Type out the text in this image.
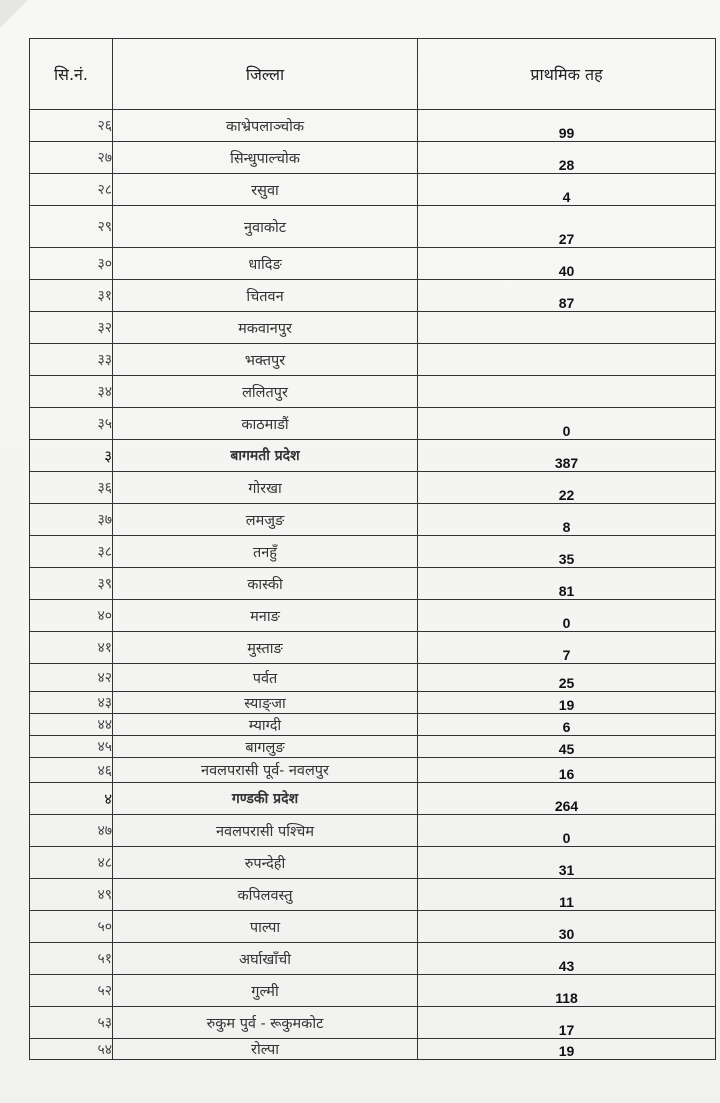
सि.नं.	जिल्ला	प्राथमिक तह
२६	काभ्रेपलाञ्चोक	99
२७	सिन्धुपाल्चोक	28
२८	रसुवा	4
२९	नुवाकोट	27
३०	धादिङ	40
३१	चितवन	87
३२	मकवानपुर	
३३	भक्तपुर	
३४	ललितपुर	
३५	काठमाडौं	0
३	बागमती प्रदेश	387
३६	गोरखा	22
३७	लमजुङ	8
३८	तनहुँ	35
३९	कास्की	81
४०	मनाङ	0
४१	मुस्ताङ	7
४२	पर्वत	25
४३	स्याङ्जा	19
४४	म्याग्दी	6
४५	बागलुङ	45
४६	नवलपरासी पूर्व- नवलपुर	16
४	गण्डकी प्रदेश	264
४७	नवलपरासी पश्चिम	0
४८	रुपन्देही	31
४९	कपिलवस्तु	11
५०	पाल्पा	30
५१	अर्घाखाँची	43
५२	गुल्मी	118
५३	रुकुम पुर्व - रूकुमकोट	17
५४	रोल्पा	19
